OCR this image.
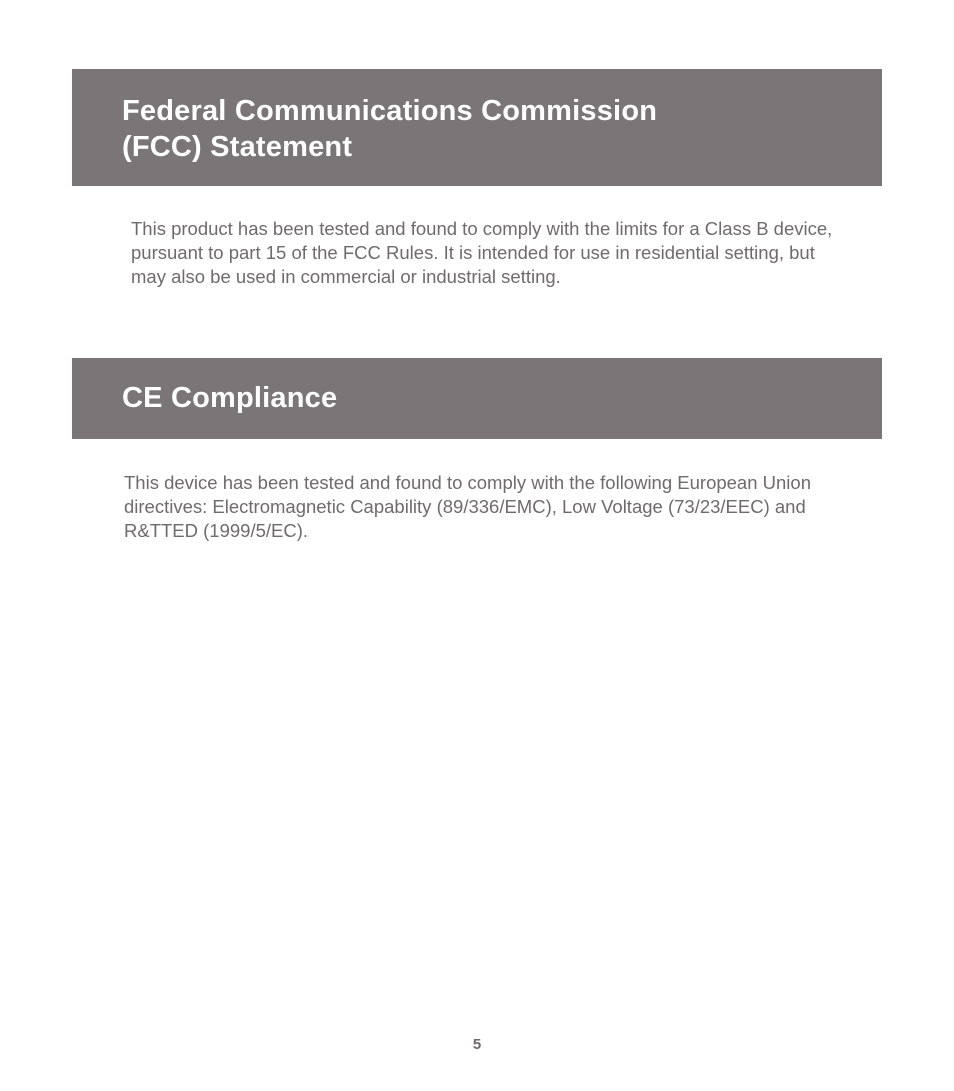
Federal Communications Commission (FCC) Statement

This product has been tested and found to comply with the limits for a Class B device, pursuant to part 15 of the FCC Rules. It is intended for use in residential setting, but may also be used in commercial or industrial setting.

CE Compliance

This device has been tested and found to comply with the following European Union directives: Electromagnetic Capability (89/336/EMC), Low Voltage (73/23/EEC) and R&TTED (1999/5/EC).

5
